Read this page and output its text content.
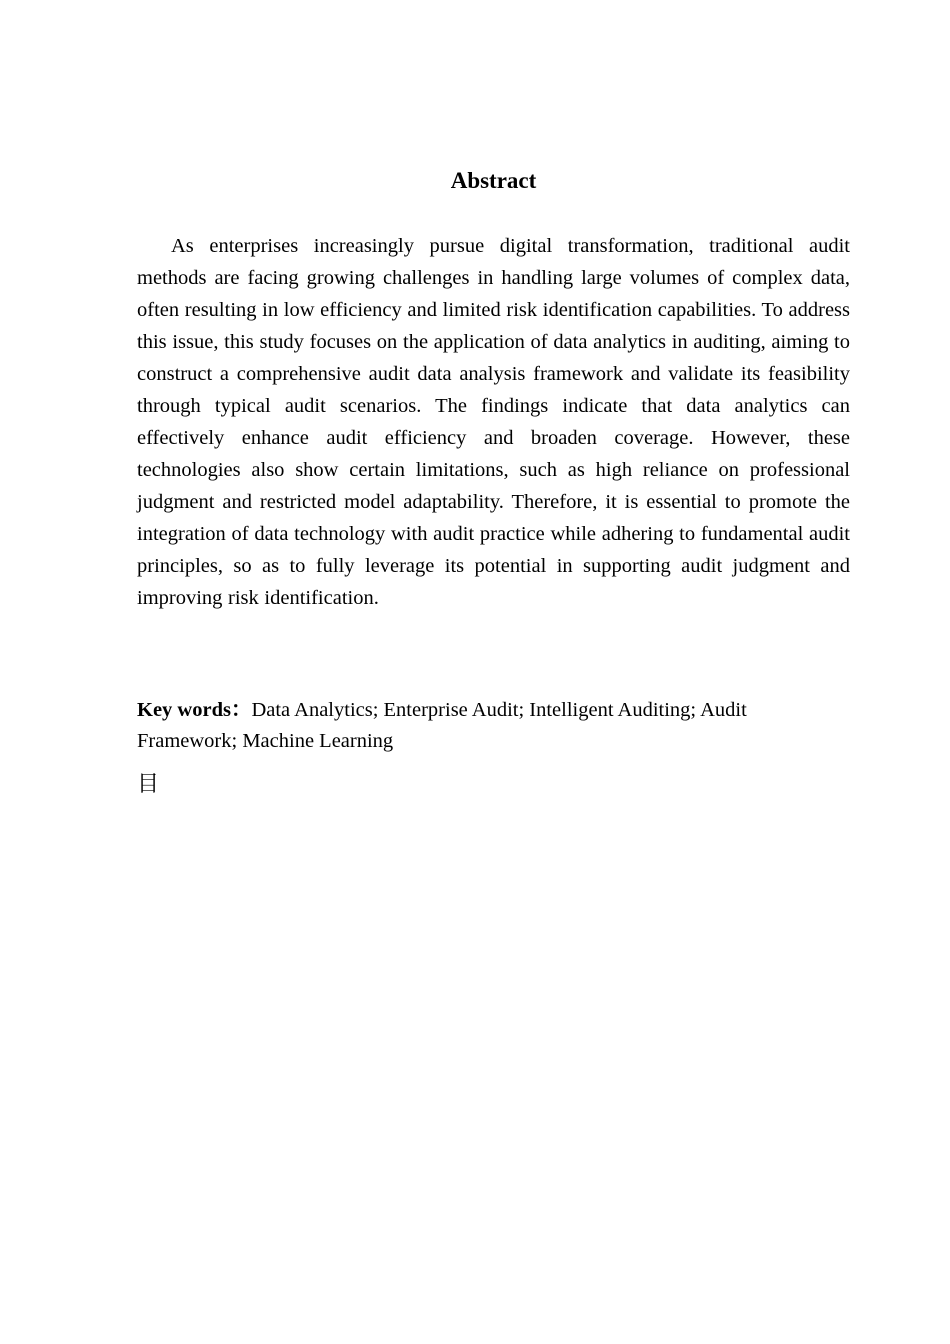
Abstract

As enterprises increasingly pursue digital transformation, traditional audit methods are facing growing challenges in handling large volumes of complex data, often resulting in low efficiency and limited risk identification capabilities. To address this issue, this study focuses on the application of data analytics in auditing, aiming to construct a comprehensive audit data analysis framework and validate its feasibility through typical audit scenarios. The findings indicate that data analytics can effectively enhance audit efficiency and broaden coverage. However, these technologies also show certain limitations, such as high reliance on professional judgment and restricted model adaptability. Therefore, it is essential to promote the integration of data technology with audit practice while adhering to fundamental audit principles, so as to fully leverage its potential in supporting audit judgment and improving risk identification.

Key words：Data Analytics; Enterprise Audit; Intelligent Auditing; Audit Framework; Machine Learning

目
